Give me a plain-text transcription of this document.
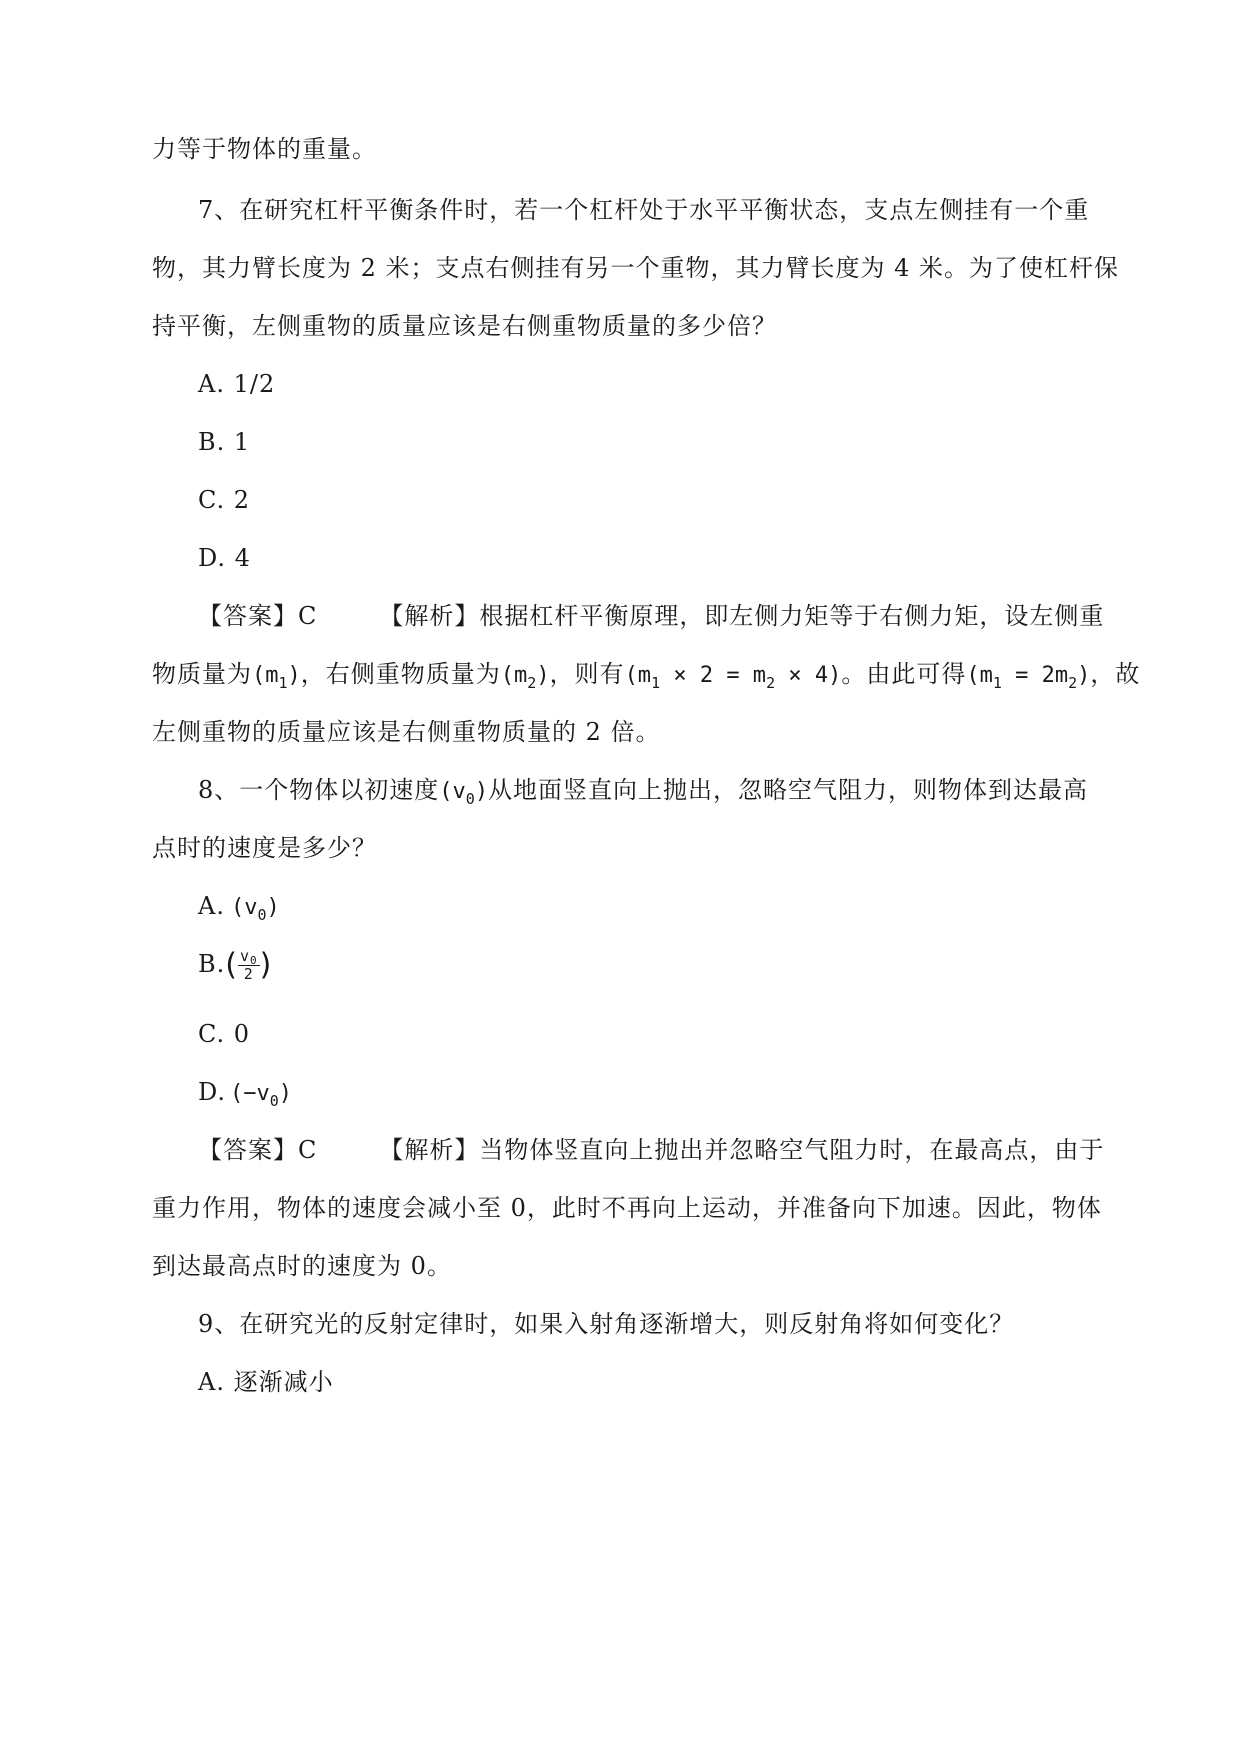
力等于物体的重量。
7、在研究杠杆平衡条件时，若一个杠杆处于水平平衡状态，支点左侧挂有一个重
物，其力臂长度为 2 米；支点右侧挂有另一个重物，其力臂长度为 4 米。为了使杠杆保
持平衡，左侧重物的质量应该是右侧重物质量的多少倍？
A. 1/2
B. 1
C. 2
D. 4
【答案】C	【解析】根据杠杆平衡原理，即左侧力矩等于右侧力矩，设左侧重
物质量为$(m_1)$，右侧重物质量为$(m_2)$，则有$(m_1 \times 2 = m_2 \times 4)$。由此可得$(m_1 = 2m_2)$，故
左侧重物的质量应该是右侧重物质量的 2 倍。
8、一个物体以初速度$(v_0)$从地面竖直向上抛出，忽略空气阻力，则物体到达最高
点时的速度是多少？
A. $(v_0)$
$B.( \frac{v_0}{2}$ )
C. 0
D. $(-v_0)$
【答案】C	【解析】当物体竖直向上抛出并忽略空气阻力时，在最高点，由于
重力作用，物体的速度会减小至 0，此时不再向上运动，并准备向下加速。因此，物体
到达最高点时的速度为 0。
9、在研究光的反射定律时，如果入射角逐渐增大，则反射角将如何变化？
A. 逐渐减小
